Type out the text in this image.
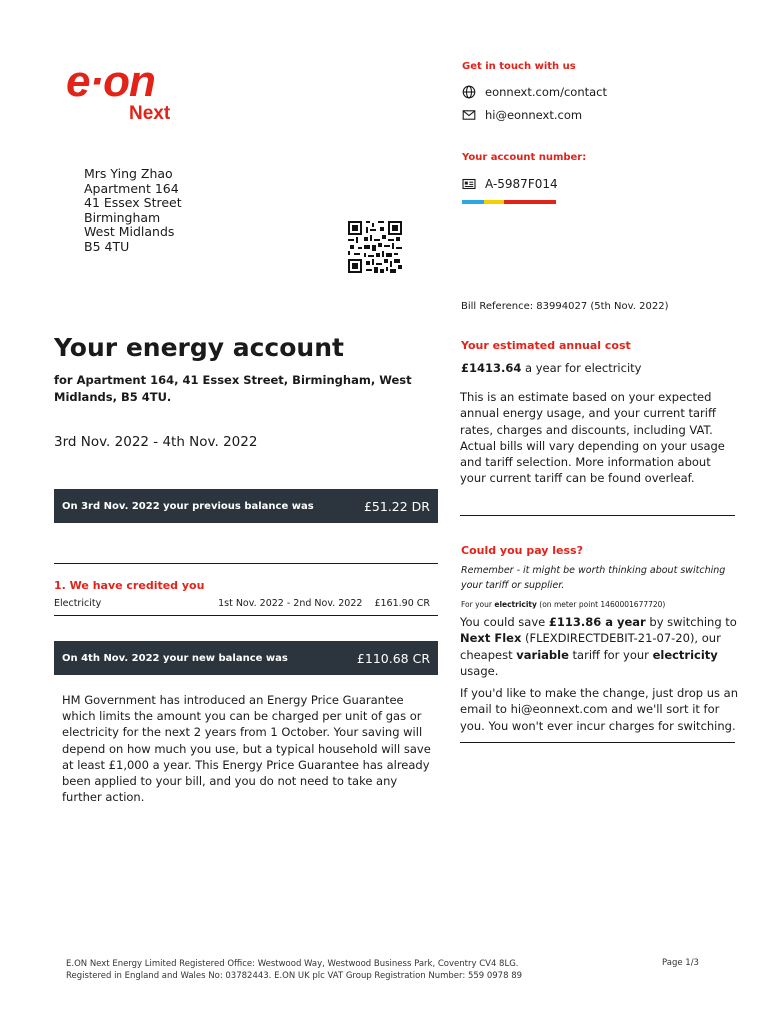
e·on
Next
Mrs Ying Zhao
Apartment 164
41 Essex Street
Birmingham
West Midlands
B5 4TU
Get in touch with us
eonnext.com/contact
hi@eonnext.com
Your account number:
A-5987F014
Bill Reference: 83994027 (5th Nov. 2022)
Your energy account
for Apartment 164, 41 Essex Street, Birmingham, West Midlands, B5 4TU.
3rd Nov. 2022 - 4th Nov. 2022
On 3rd Nov. 2022 your previous balance was	£51.22 DR
1. We have credited you
Electricity	1st Nov. 2022 - 2nd Nov. 2022 £161.90 CR
On 4th Nov. 2022 your new balance was	£110.68 CR
HM Government has introduced an Energy Price Guarantee which limits the amount you can be charged per unit of gas or electricity for the next 2 years from 1 October. Your saving will depend on how much you use, but a typical household will save at least £1,000 a year. This Energy Price Guarantee has already been applied to your bill, and you do not need to take any further action.
Your estimated annual cost
£1413.64 a year for electricity
This is an estimate based on your expected annual energy usage, and your current tariff rates, charges and discounts, including VAT. Actual bills will vary depending on your usage and tariff selection. More information about your current tariff can be found overleaf.
Could you pay less?
Remember - it might be worth thinking about switching your tariff or supplier.
For your electricity (on meter point 1460001677720)
You could save £113.86 a year by switching to Next Flex (FLEXDIRECTDEBIT-21-07-20), our cheapest variable tariff for your electricity usage.
If you'd like to make the change, just drop us an email to hi@eonnext.com and we'll sort it for you. You won't ever incur charges for switching.
E.ON Next Energy Limited Registered Office: Westwood Way, Westwood Business Park, Coventry CV4 8LG.
Registered in England and Wales No: 03782443. E.ON UK plc VAT Group Registration Number: 559 0978 89
Page 1/3
